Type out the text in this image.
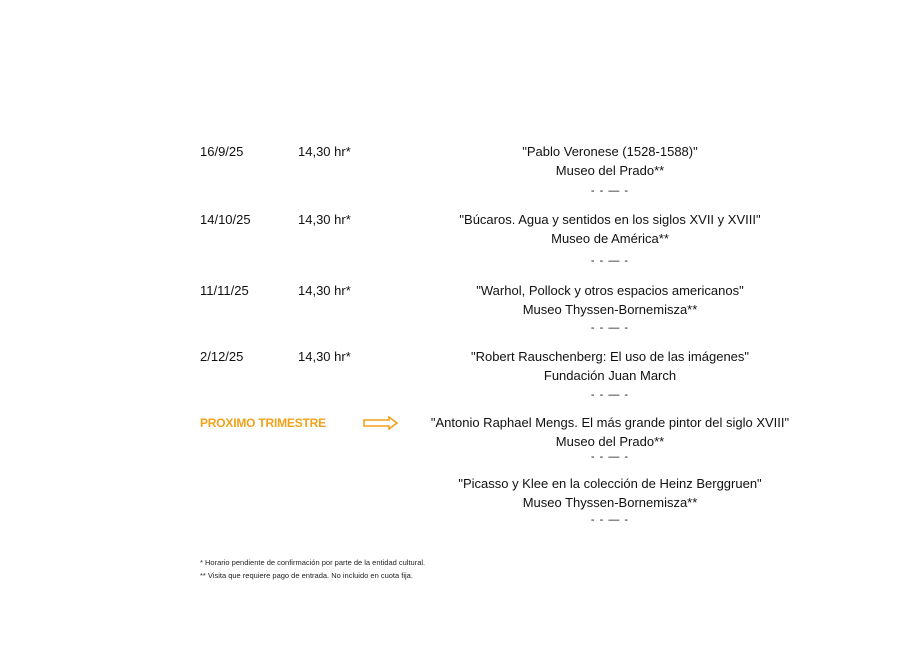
16/9/25	14,30 hr*	"Pablo Veronese (1528-1588)"
Museo del Prado**
- - — -
14/10/25	14,30 hr*	"Búcaros. Agua y sentidos en los siglos XVII y XVIII"
Museo de América**
- - — -
11/11/25	14,30 hr*	"Warhol, Pollock y otros espacios americanos"
Museo Thyssen-Bornemisza**
- - — -
2/12/25	14,30 hr*	"Robert Rauschenberg: El uso de las imágenes"
Fundación Juan March
- - — -
PROXIMO TRIMESTRE	"Antonio Raphael Mengs. El más grande pintor del siglo XVIII"
Museo del Prado**
- - — -
"Picasso y Klee en la colección de Heinz Berggruen"
Museo Thyssen-Bornemisza**
- - — -
* Horario pendiente de confirmación por parte de la entidad cultural.
** Visita que requiere pago de entrada. No incluido en cuota fija.
